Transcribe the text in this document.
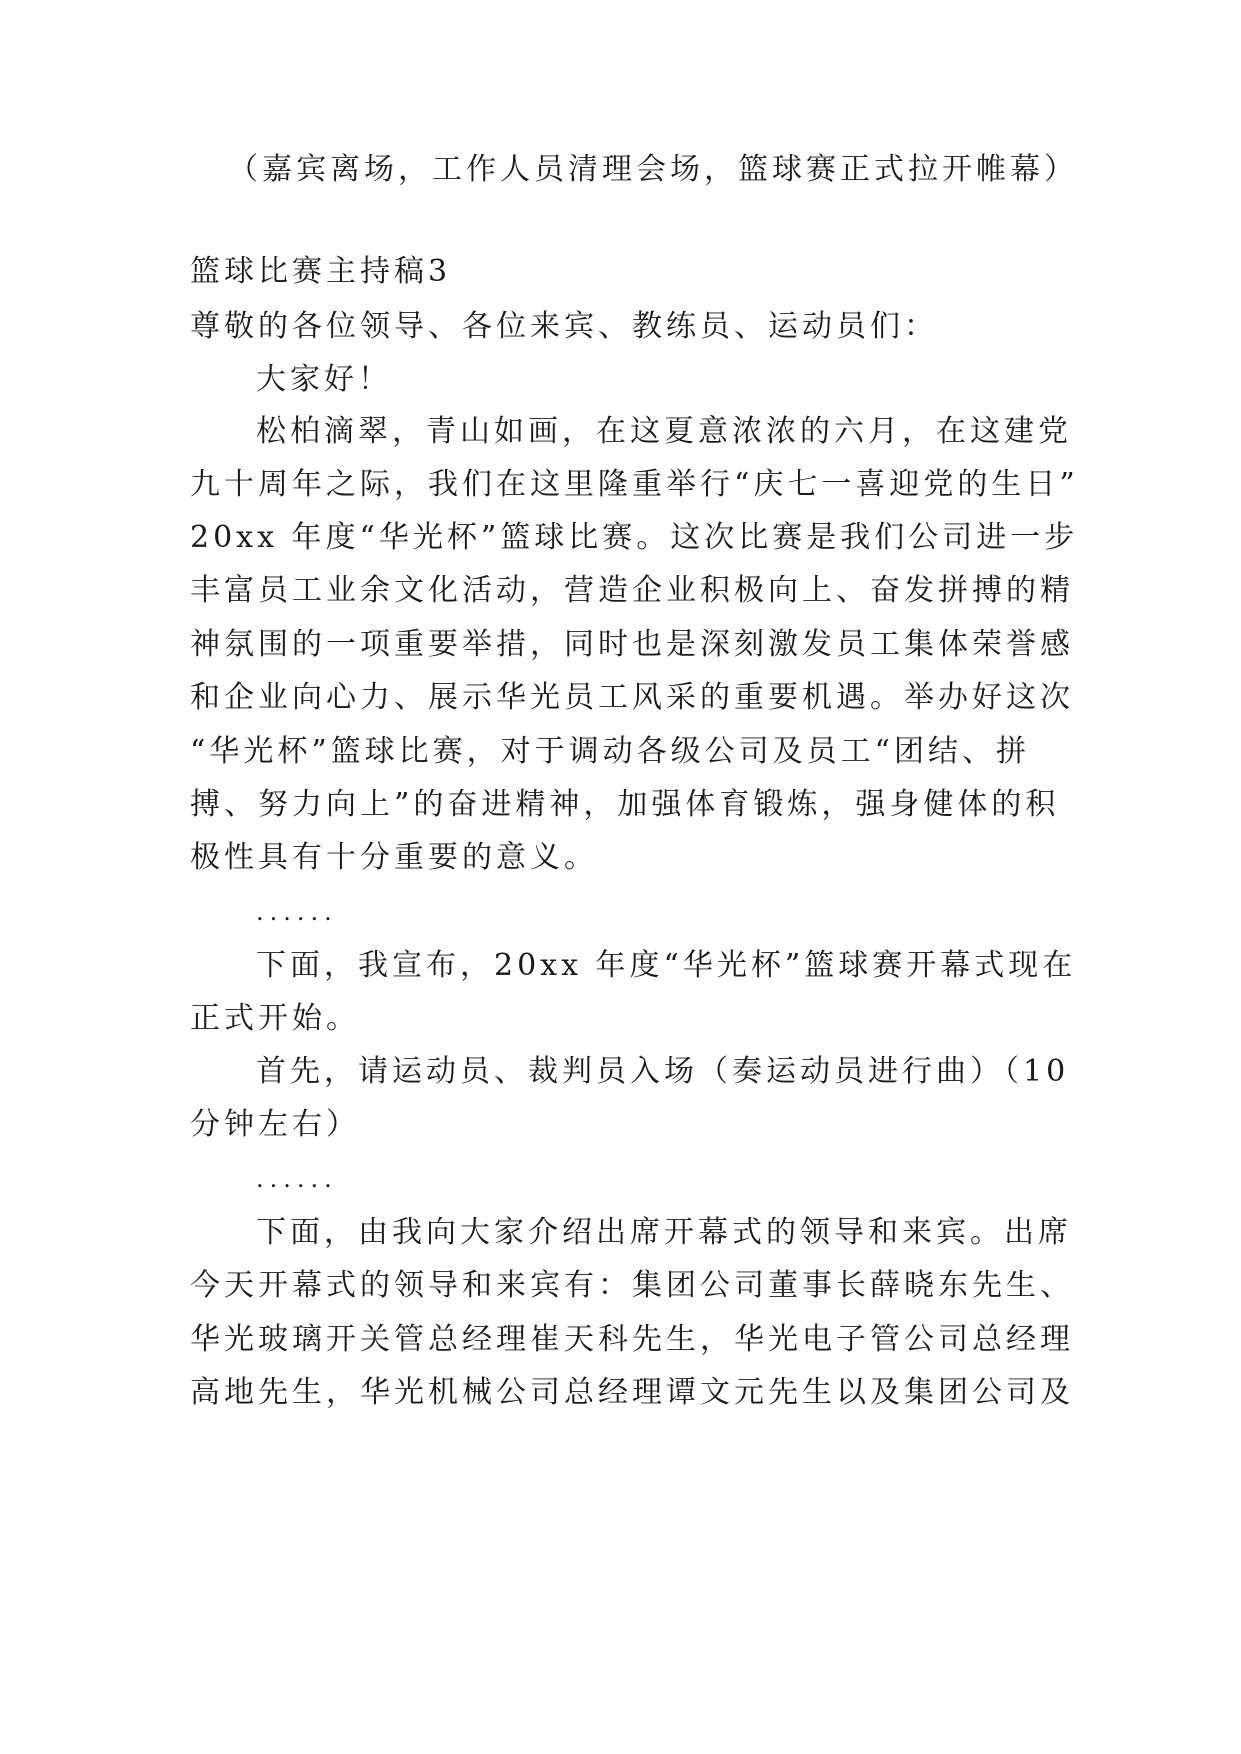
（嘉宾离场，工作人员清理会场，篮球赛正式拉开帷幕）
篮球比赛主持稿3
尊敬的各位领导、各位来宾、教练员、运动员们：
大家好！
松柏滴翠，青山如画，在这夏意浓浓的六月，在这建党
九十周年之际，我们在这里隆重举行“庆七一喜迎党的生日”
20xx 年度“华光杯”篮球比赛。这次比赛是我们公司进一步
丰富员工业余文化活动，营造企业积极向上、奋发拼搏的精
神氛围的一项重要举措，同时也是深刻激发员工集体荣誉感
和企业向心力、展示华光员工风采的重要机遇。举办好这次
“华光杯”篮球比赛，对于调动各级公司及员工“团结、拼
搏、努力向上”的奋进精神，加强体育锻炼，强身健体的积
极性具有十分重要的意义。
......
下面，我宣布，20xx 年度“华光杯”篮球赛开幕式现在
正式开始。
首先，请运动员、裁判员入场（奏运动员进行曲）（10
分钟左右）
......
下面，由我向大家介绍出席开幕式的领导和来宾。出席
今天开幕式的领导和来宾有：集团公司董事长薛晓东先生、
华光玻璃开关管总经理崔天科先生，华光电子管公司总经理
高地先生，华光机械公司总经理谭文元先生以及集团公司及
